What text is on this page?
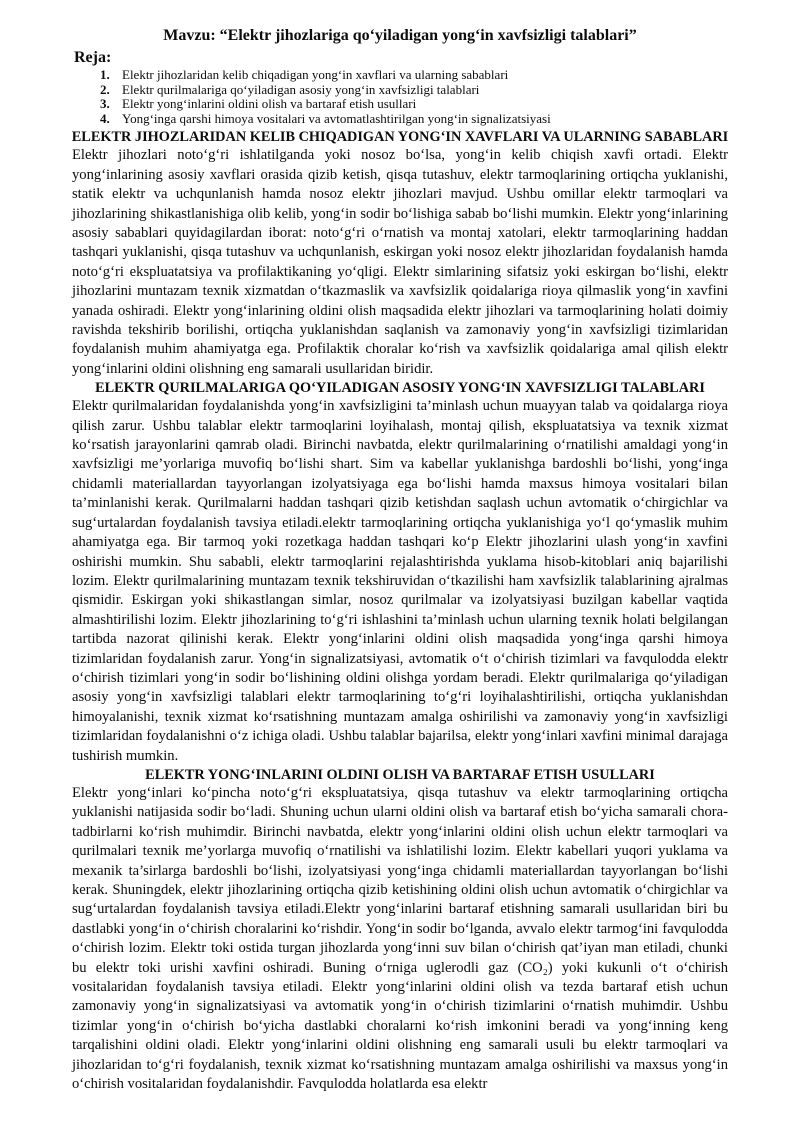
Mavzu: “Elektr jihozlariga qo‘yiladigan yong‘in xavfsizligi talablari”
Reja:
1. Elektr jihozlaridan kelib chiqadigan yong‘in xavflari va ularning sabablari
2. Elektr qurilmalariga qo‘yiladigan asosiy yong‘in xavfsizligi talablari
3. Elektr yong‘inlarini oldini olish va bartaraf etish usullari
4. Yong‘inga qarshi himoya vositalari va avtomatlashtirilgan yong‘in signalizatsiyasi
ELEKTR JIHOZLARIDAN KELIB CHIQADIGAN YONG‘IN XAVFLARI VA ULARNING SABABLARI

Elektr jihozlari noto‘g‘ri ishlatilganda yoki nosoz bo‘lsa, yong‘in kelib chiqish xavfi ortadi. Elektr yong‘inlarining asosiy xavflari orasida qizib ketish, qisqa tutashuv, elektr tarmoqlarining ortiqcha yuklanishi, statik elektr va uchqunlanish hamda nosoz elektr jihozlari mavjud. Ushbu omillar elektr tarmoqlari va jihozlarining shikastlanishiga olib kelib, yong‘in sodir bo‘lishiga sabab bo‘lishi mumkin. Elektr yong‘inlarining asosiy sabablari quyidagilardan iborat: noto‘g‘ri o‘rnatish va montaj xatolari, elektr tarmoqlarining haddan tashqari yuklanishi, qisqa tutashuv va uchqunlanish, eskirgan yoki nosoz elektr jihozlaridan foydalanish hamda noto‘g‘ri ekspluatatsiya va profilaktikaning yo‘qligi. Elektr simlarining sifatsiz yoki eskirgan bo‘lishi, elektr jihozlarini muntazam texnik xizmatdan o‘tkazmaslik va xavfsizlik qoidalariga rioya qilmaslik yong‘in xavfini yanada oshiradi. Elektr yong‘inlarining oldini olish maqsadida elektr jihozlari va tarmoqlarining holati doimiy ravishda tekshirib borilishi, ortiqcha yuklanishdan saqlanish va zamonaviy yong‘in xavfsizligi tizimlaridan foydalanish muhim ahamiyatga ega. Profilaktik choralar ko‘rish va xavfsizlik qoidalariga amal qilish elektr yong‘inlarini oldini olishning eng samarali usullaridan biridir.

ELEKTR QURILMALARIGA QO‘YILADIGAN ASOSIY YONG‘IN XAVFSIZLIGI TALABLARI

Elektr qurilmalaridan foydalanishda yong‘in xavfsizligini ta’minlash uchun muayyan talab va qoidalarga rioya qilish zarur. Ushbu talablar elektr tarmoqlarini loyihalash, montaj qilish, ekspluatatsiya va texnik xizmat ko‘rsatish jarayonlarini qamrab oladi. Birinchi navbatda, elektr qurilmalarining o‘rnatilishi amaldagi yong‘in xavfsizligi me’yorlariga muvofiq bo‘lishi shart. Sim va kabellar yuklanishga bardoshli bo‘lishi, yong‘inga chidamli materiallardan tayyorlangan izolyatsiyaga ega bo‘lishi hamda maxsus himoya vositalari bilan ta’minlanishi kerak. Qurilmalarni haddan tashqari qizib ketishdan saqlash uchun avtomatik o‘chirgichlar va sug‘urtalardan foydalanish tavsiya etiladi.elektr tarmoqlarining ortiqcha yuklanishiga yo‘l qo‘ymaslik muhim ahamiyatga ega. Bir tarmoq yoki rozetkaga haddan tashqari ko‘p Elektr jihozlarini ulash yong‘in xavfini oshirishi mumkin. Shu sababli, elektr tarmoqlarini rejalashtirishda yuklama hisob-kitoblari aniq bajarilishi lozim. Elektr qurilmalarining muntazam texnik tekshiruvidan o‘tkazilishi ham xavfsizlik talablarining ajralmas qismidir. Eskirgan yoki shikastlangan simlar, nosoz qurilmalar va izolyatsiyasi buzilgan kabellar vaqtida almashtirilishi lozim. Elektr jihozlarining to‘g‘ri ishlashini ta’minlash uchun ularning texnik holati belgilangan tartibda nazorat qilinishi kerak. Elektr yong‘inlarini oldini olish maqsadida yong‘inga qarshi himoya tizimlaridan foydalanish zarur. Yong‘in signalizatsiyasi, avtomatik o‘t o‘chirish tizimlari va favqulodda elektr o‘chirish tizimlari yong‘in sodir bo‘lishining oldini olishga yordam beradi. Elektr qurilmalariga qo‘yiladigan asosiy yong‘in xavfsizligi talablari elektr tarmoqlarining to‘g‘ri loyihalashtirilishi, ortiqcha yuklanishdan himoyalanishi, texnik xizmat ko‘rsatishning muntazam amalga oshirilishi va zamonaviy yong‘in xavfsizligi tizimlaridan foydalanishni o‘z ichiga oladi. Ushbu talablar bajarilsa, elektr yong‘inlari xavfini minimal darajaga tushirish mumkin.

ELEKTR YONG‘INLARINI OLDINI OLISH VA BARTARAF ETISH USULLARI

Elektr yong‘inlari ko‘pincha noto‘g‘ri ekspluatatsiya, qisqa tutashuv va elektr tarmoqlarining ortiqcha yuklanishi natijasida sodir bo‘ladi. Shuning uchun ularni oldini olish va bartaraf etish bo‘yicha samarali chora-tadbirlarni ko‘rish muhimdir. Birinchi navbatda, elektr yong‘inlarini oldini olish uchun elektr tarmoqlari va qurilmalari texnik me’yorlarga muvofiq o‘rnatilishi va ishlatilishi lozim. Elektr kabellari yuqori yuklama va mexanik ta’sirlarga bardoshli bo‘lishi, izolyatsiyasi yong‘inga chidamli materiallardan tayyorlangan bo‘lishi kerak. Shuningdek, elektr jihozlarining ortiqcha qizib ketishining oldini olish uchun avtomatik o‘chirgichlar va sug‘urtalardan foydalanish tavsiya etiladi.Elektr yong‘inlarini bartaraf etishning samarali usullaridan biri bu dastlabki yong‘in o‘chirish choralarini ko‘rishdir. Yong‘in sodir bo‘lganda, avvalo elektr tarmog‘ini favqulodda o‘chirish lozim. Elektr toki ostida turgan jihozlarda yong‘inni suv bilan o‘chirish qat’iyan man etiladi, chunki bu elektr toki urishi xavfini oshiradi. Buning o‘rniga uglerodli gaz (CO₂) yoki kukunli o‘t o‘chirish vositalaridan foydalanish tavsiya etiladi. Elektr yong‘inlarini oldini olish va tezda bartaraf etish uchun zamonaviy yong‘in signalizatsiyasi va avtomatik yong‘in o‘chirish tizimlarini o‘rnatish muhimdir. Ushbu tizimlar yong‘in o‘chirish bo‘yicha dastlabki choralarni ko‘rish imkonini beradi va yong‘inning keng tarqalishini oldini oladi. Elektr yong‘inlarini oldini olishning eng samarali usuli bu elektr tarmoqlari va jihozlaridan to‘g‘ri foydalanish, texnik xizmat ko‘rsatishning muntazam amalga oshirilishi va maxsus yong‘in o‘chirish vositalaridan foydalanishdir. Favqulodda holatlarda esa elektr
